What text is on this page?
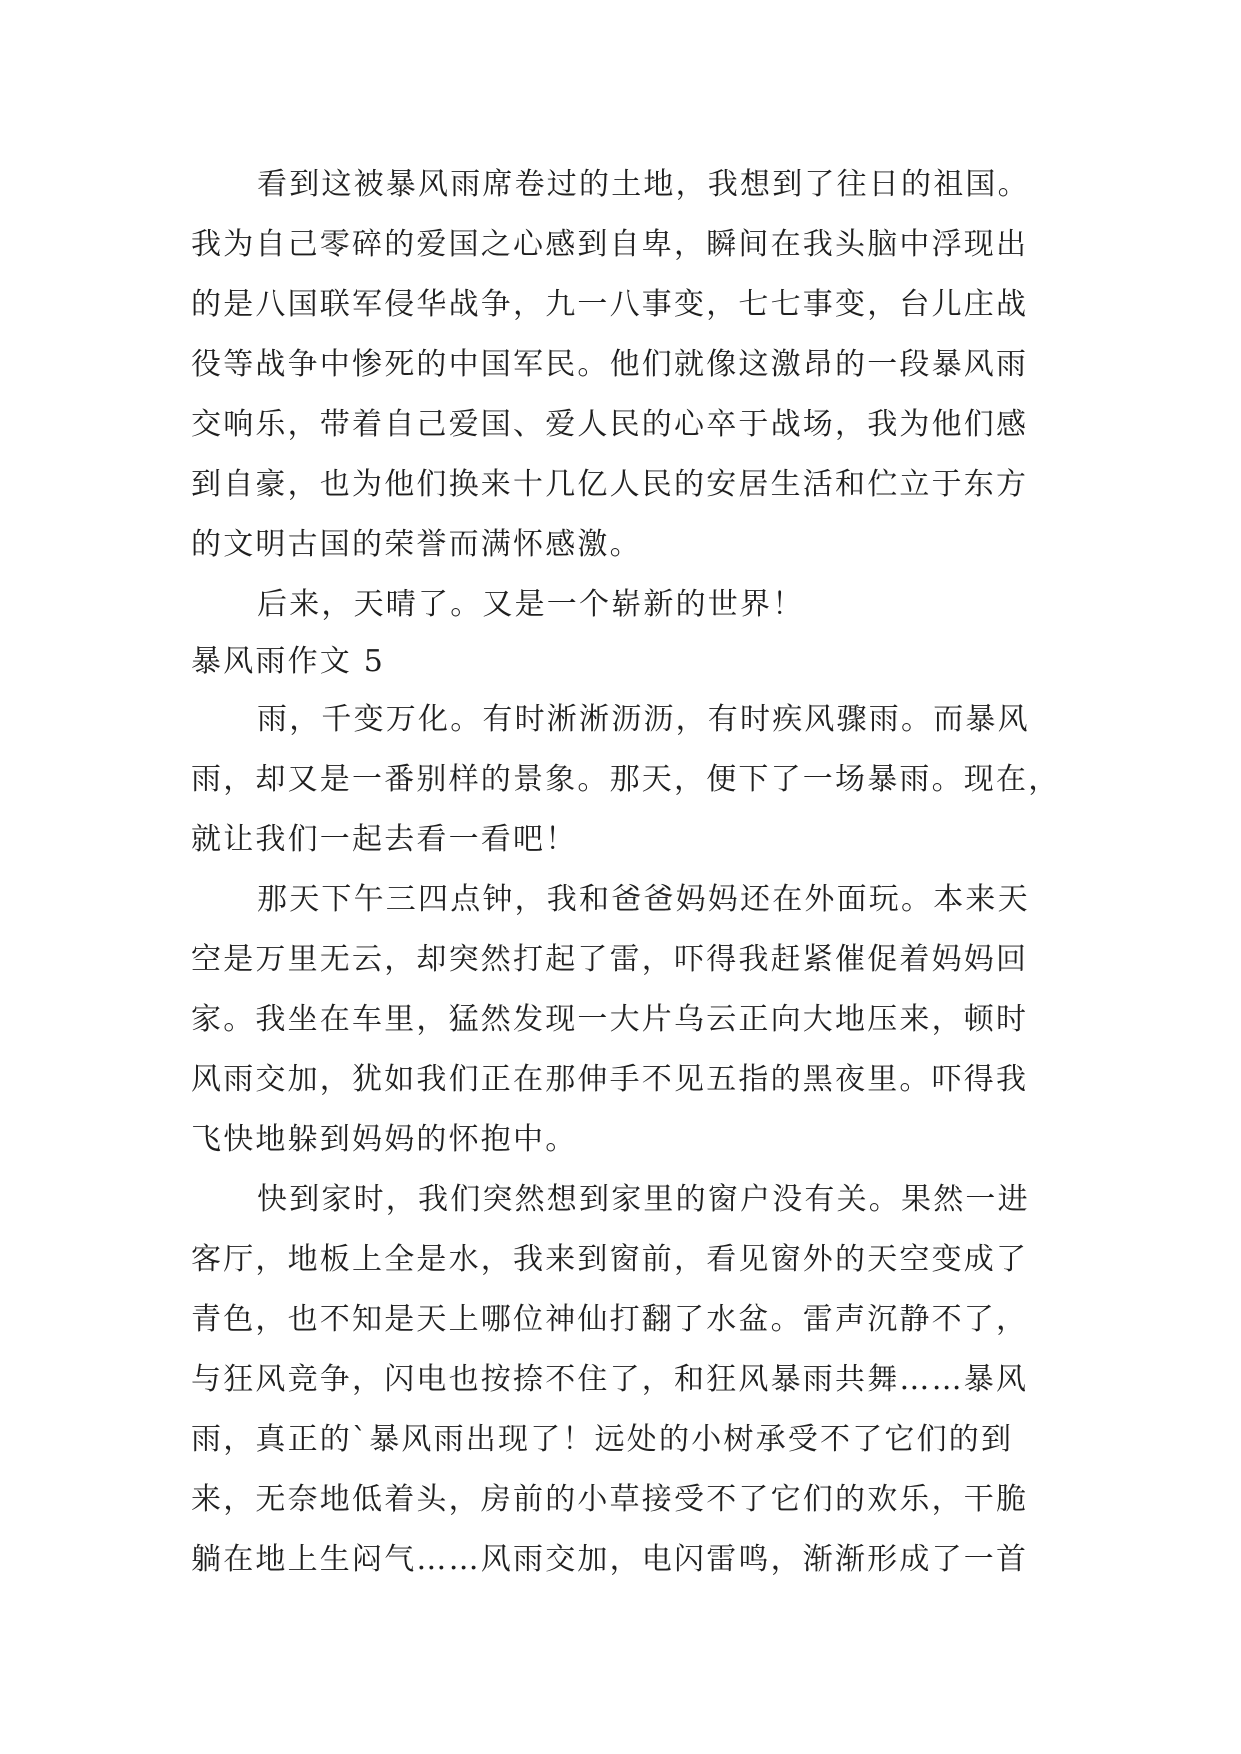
看到这被暴风雨席卷过的土地，我想到了往日的祖国。
我为自己零碎的爱国之心感到自卑，瞬间在我头脑中浮现出
的是八国联军侵华战争，九一八事变，七七事变，台儿庄战
役等战争中惨死的中国军民。他们就像这激昂的一段暴风雨
交响乐，带着自己爱国、爱人民的心卒于战场，我为他们感
到自豪，也为他们换来十几亿人民的安居生活和伫立于东方
的文明古国的荣誉而满怀感激。
后来，天晴了。又是一个崭新的世界！
暴风雨作文 5
雨，千变万化。有时淅淅沥沥，有时疾风骤雨。而暴风
雨，却又是一番别样的景象。那天，便下了一场暴雨。现在，
就让我们一起去看一看吧！
那天下午三四点钟，我和爸爸妈妈还在外面玩。本来天
空是万里无云，却突然打起了雷，吓得我赶紧催促着妈妈回
家。我坐在车里，猛然发现一大片乌云正向大地压来，顿时
风雨交加，犹如我们正在那伸手不见五指的黑夜里。吓得我
飞快地躲到妈妈的怀抱中。
快到家时，我们突然想到家里的窗户没有关。果然一进
客厅，地板上全是水，我来到窗前，看见窗外的天空变成了
青色，也不知是天上哪位神仙打翻了水盆。雷声沉静不了，
与狂风竞争，闪电也按捺不住了，和狂风暴雨共舞……暴风
雨，真正的`暴风雨出现了！远处的小树承受不了它们的到
来，无奈地低着头，房前的小草接受不了它们的欢乐，干脆
躺在地上生闷气……风雨交加，电闪雷鸣，渐渐形成了一首
